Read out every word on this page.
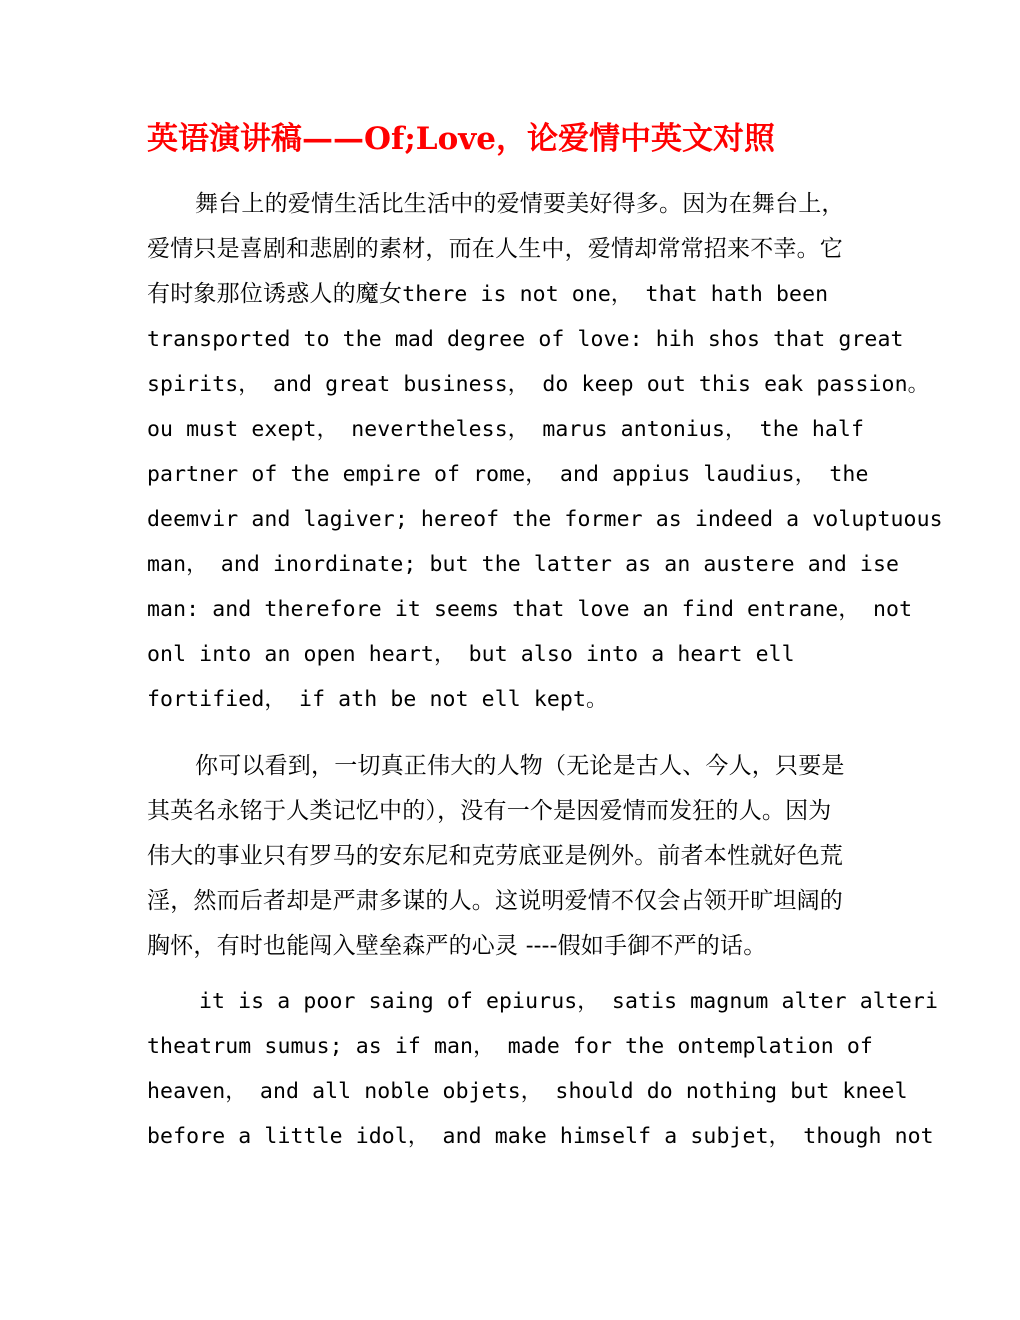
英语演讲稿——Of;Love，论爱情中英文对照
舞台上的爱情生活比生活中的爱情要美好得多。因为在舞台上，
爱情只是喜剧和悲剧的素材，而在人生中，爱情却常常招来不幸。它
有时象那位诱惑人的魔女there is not one， that hath been
transported to the mad degree of love: hih shos that great
spirits， and great business， do keep out this eak passion。
ou must exept， nevertheless， marus antonius， the half
partner of the empire of rome， and appius laudius， the
deemvir and lagiver; hereof the former as indeed a voluptuous
man， and inordinate; but the latter as an austere and ise
man: and therefore it seems that love an find entrane， not
onl into an open heart， but also into a heart ell
fortified， if ath be not ell kept。
你可以看到，一切真正伟大的人物（无论是古人、今人，只要是
其英名永铭于人类记忆中的），没有一个是因爱情而发狂的人。因为
伟大的事业只有罗马的安东尼和克劳底亚是例外。前者本性就好色荒
淫，然而后者却是严肃多谋的人。这说明爱情不仅会占领开旷坦阔的
胸怀，有时也能闯入壁垒森严的心灵 ----假如手御不严的话。
it is a poor saing of epiurus， satis magnum alter alteri
theatrum sumus; as if man， made for the ontemplation of
heaven， and all noble objets， should do nothing but kneel
before a little idol， and make himself a subjet， though not
